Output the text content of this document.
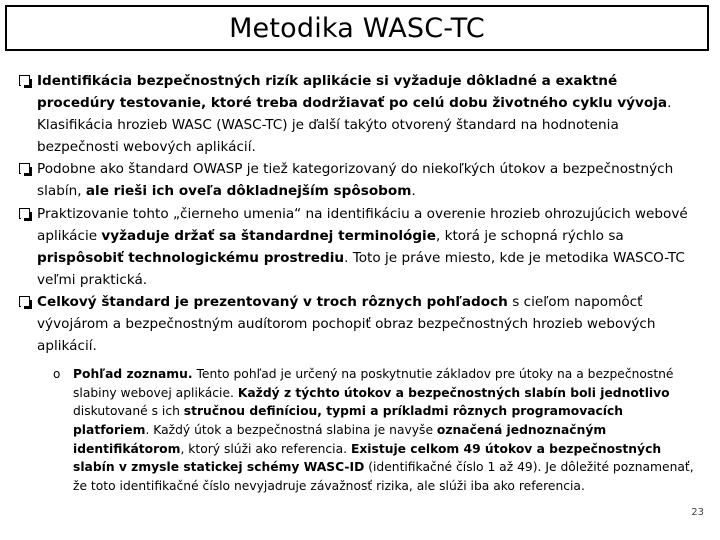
Metodika WASC-TC
Identifikácia bezpečnostných rizík aplikácie si vyžaduje dôkladné a exaktné procedúry testovanie, ktoré treba dodržiavať po celú dobu životného cyklu vývoja. Klasifikácia hrozieb WASC (WASC-TC) je ďalší takýto otvorený štandard na hodnotenia bezpečnosti webových aplikácií.
Podobne ako štandard OWASP je tiež kategorizovaný do niekoľkých útokov a bezpečnostných slabín, ale rieši ich oveľa dôkladnejším spôsobom.
Praktizovanie tohto „čierneho umenia“ na identifikáciu a overenie hrozieb ohrozujúcich webové aplikácie vyžaduje držať sa štandardnej terminológie, ktorá je schopná rýchlo sa prispôsobiť technologickému prostrediu. Toto je práve miesto, kde je metodika WASCO-TC veľmi praktická.
Celkový štandard je prezentovaný v troch rôznych pohľadoch s cieľom napomôcť vývojárom a bezpečnostným audítorom pochopiť obraz bezpečnostných hrozieb webových aplikácií.
o Pohľad zoznamu. Tento pohľad je určený na poskytnutie základov pre útoky na a bezpečnostné slabiny webovej aplikácie. Každý z týchto útokov a bezpečnostných slabín boli jednotlivo diskutované s ich stručnou definíciou, typmi a príkladmi rôznych programovacích platforiem. Každý útok a bezpečnostná slabina je navyše označená jednoznačným identifikátorom, ktorý slúži ako referencia. Existuje celkom 49 útokov a bezpečnostných slabín v zmysle statickej schémy WASC-ID (identifikačné číslo 1 až 49). Je dôležité poznamenať, že toto identifikačné číslo nevyjadruje závažnosť rizika, ale slúži iba ako referencia.
23
